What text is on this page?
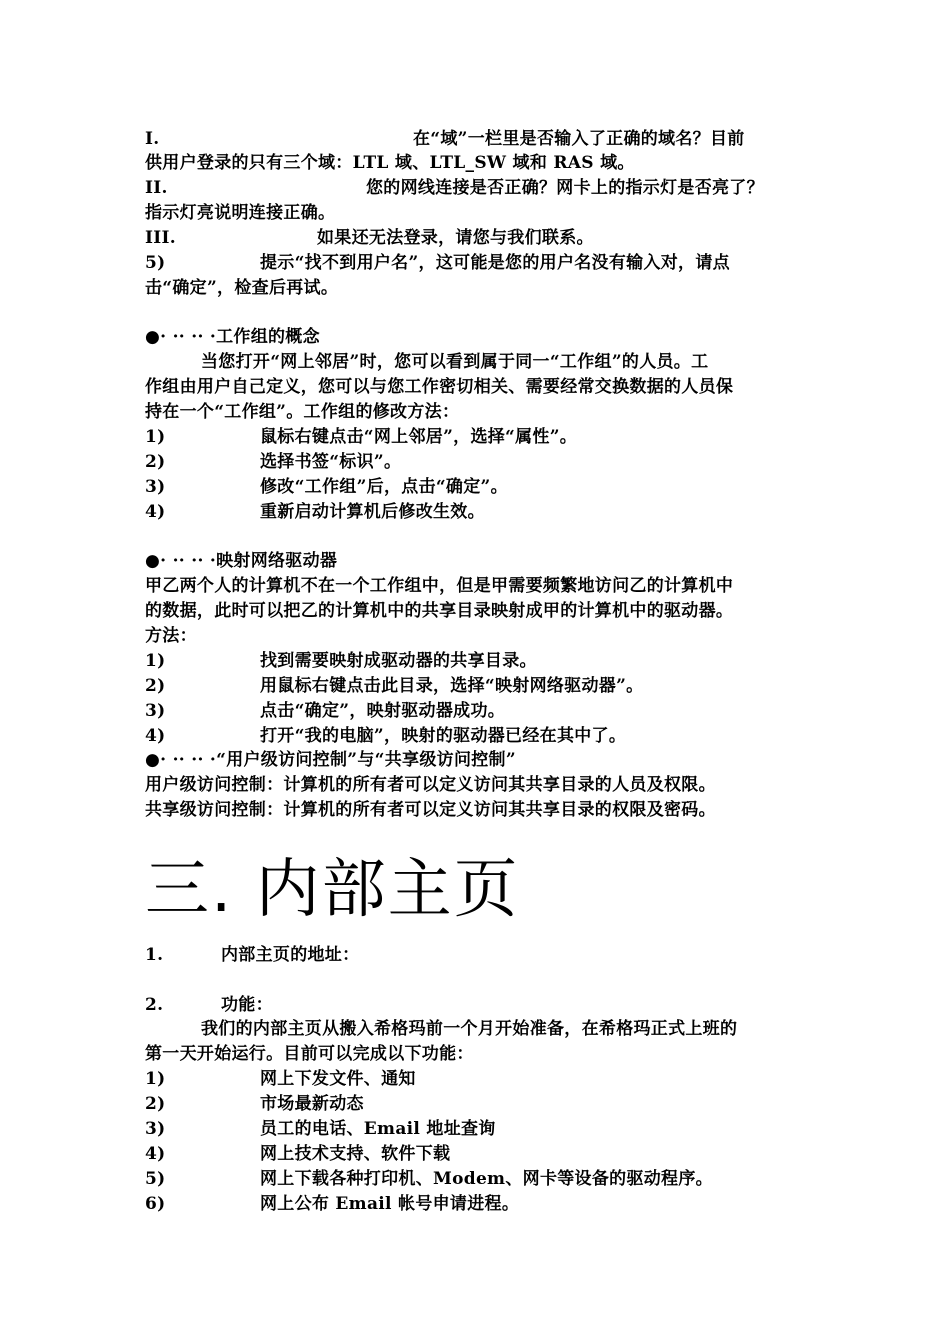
I.	在“域”一栏里是否输入了正确的域名？目前
供用户登录的只有三个域：LTL 域、LTL_SW 域和 RAS 域。
II.	您的网线连接是否正确？网卡上的指示灯是否亮了？
指示灯亮说明连接正确。
III.	如果还无法登录，请您与我们联系。
5)	提示“找不到用户名”，这可能是您的用户名没有输入对，请点
击“确定”，检查后再试。
●· ·· ·· ·工作组的概念
当您打开“网上邻居”时，您可以看到属于同一“工作组”的人员。工
作组由用户自己定义，您可以与您工作密切相关、需要经常交换数据的人员保
持在一个“工作组”。工作组的修改方法：
1)	鼠标右键点击“网上邻居”，选择“属性”。
2)	选择书签“标识”。
3)	修改“工作组”后，点击“确定”。
4)	重新启动计算机后修改生效。
●· ·· ·· ·映射网络驱动器
甲乙两个人的计算机不在一个工作组中，但是甲需要频繁地访问乙的计算机中
的数据，此时可以把乙的计算机中的共享目录映射成甲的计算机中的驱动器。
方法：
1)	找到需要映射成驱动器的共享目录。
2)	用鼠标右键点击此目录，选择“映射网络驱动器”。
3)	点击“确定”，映射驱动器成功。
4)	打开“我的电脑”，映射的驱动器已经在其中了。
●· ·· ·· ·“用户级访问控制”与“共享级访问控制”
用户级访问控制：计算机的所有者可以定义访问其共享目录的人员及权限。
共享级访问控制：计算机的所有者可以定义访问其共享目录的权限及密码。
三. 内部主页
1.	内部主页的地址：
2.	功能：
我们的内部主页从搬入希格玛前一个月开始准备，在希格玛正式上班的
第一天开始运行。目前可以完成以下功能：
1)	网上下发文件、通知
2)	市场最新动态
3)	员工的电话、Email 地址查询
4)	网上技术支持、软件下载
5)	网上下载各种打印机、Modem、网卡等设备的驱动程序。
6)	网上公布 Email 帐号申请进程。
